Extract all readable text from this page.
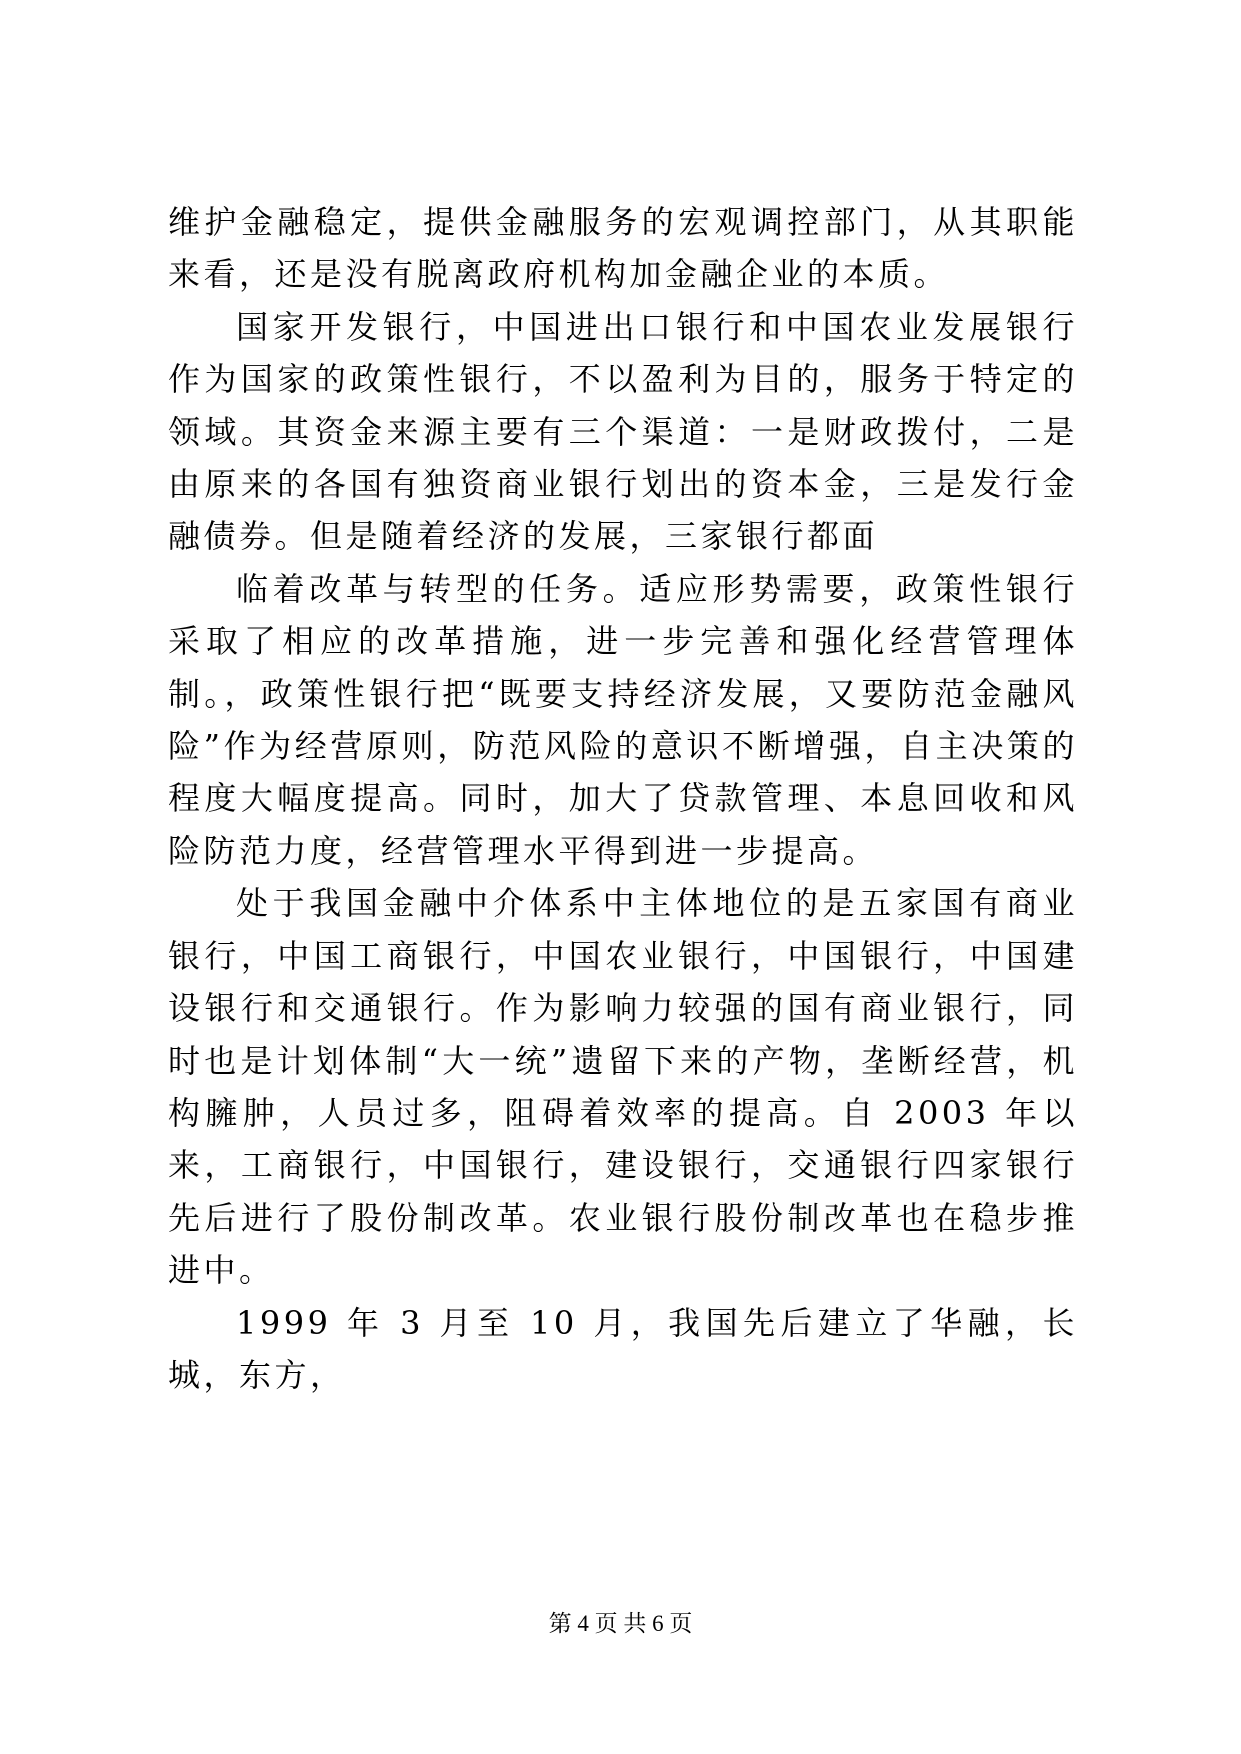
维护金融稳定，提供金融服务的宏观调控部门，从其职能来看，还是没有脱离政府机构加金融企业的本质。

国家开发银行，中国进出口银行和中国农业发展银行作为国家的政策性银行，不以盈利为目的，服务于特定的领域。其资金来源主要有三个渠道：一是财政拨付，二是由原来的各国有独资商业银行划出的资本金，三是发行金融债券。但是随着经济的发展，三家银行都面

临着改革与转型的任务。适应形势需要，政策性银行采取了相应的改革措施，进一步完善和强化经营管理体制。，政策性银行把“既要支持经济发展，又要防范金融风险”作为经营原则，防范风险的意识不断增强，自主决策的程度大幅度提高。同时，加大了贷款管理、本息回收和风险防范力度，经营管理水平得到进一步提高。

处于我国金融中介体系中主体地位的是五家国有商业银行，中国工商银行，中国农业银行，中国银行，中国建设银行和交通银行。作为影响力较强的国有商业银行，同时也是计划体制“大一统”遗留下来的产物，垄断经营，机构臃肿，人员过多，阻碍着效率的提高。自 2003 年以来，工商银行，中国银行，建设银行，交通银行四家银行先后进行了股份制改革。农业银行股份制改革也在稳步推进中。

1999 年 3 月至 10 月，我国先后建立了华融，长城，东方，

第 4 页 共 6 页
